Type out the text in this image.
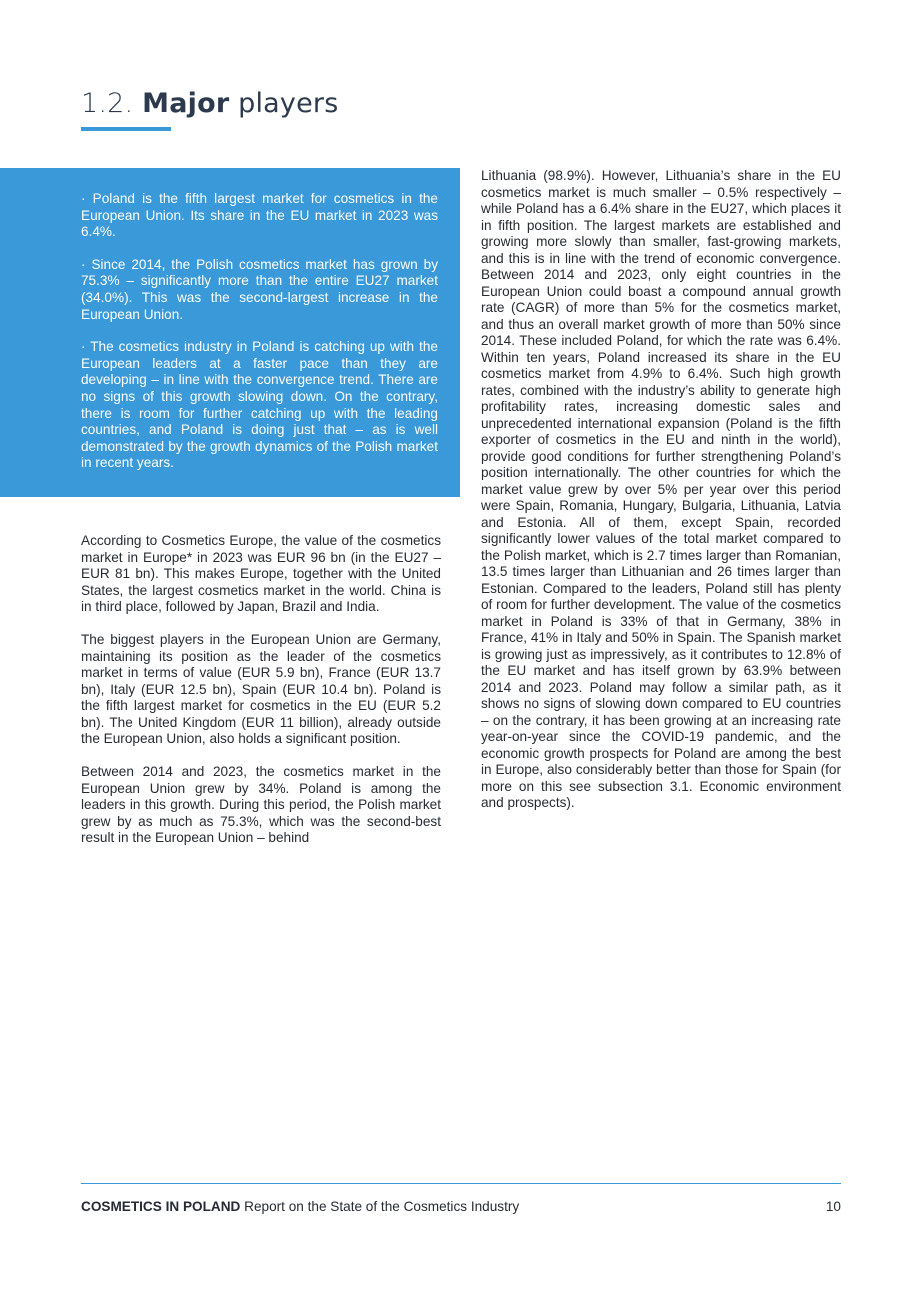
1.2. Major players

· Poland is the fifth largest market for cosmetics in the European Union. Its share in the EU market in 2023 was 6.4%.

· Since 2014, the Polish cosmetics market has grown by 75.3% – significantly more than the entire EU27 market (34.0%). This was the second-largest increase in the European Union.

· The cosmetics industry in Poland is catching up with the European leaders at a faster pace than they are developing – in line with the convergence trend. There are no signs of this growth slowing down. On the contrary, there is room for further catching up with the leading countries, and Poland is doing just that – as is well demonstrated by the growth dynamics of the Polish market in recent years.

According to Cosmetics Europe, the value of the cosmetics market in Europe* in 2023 was EUR 96 bn (in the EU27 – EUR 81 bn). This makes Europe, together with the United States, the largest cosmetics market in the world. China is in third place, followed by Japan, Brazil and India.

The biggest players in the European Union are Germany, maintaining its position as the leader of the cosmetics market in terms of value (EUR 5.9 bn), France (EUR 13.7 bn), Italy (EUR 12.5 bn), Spain (EUR 10.4 bn). Poland is the fifth largest market for cosmetics in the EU (EUR 5.2 bn). The United Kingdom (EUR 11 billion), already outside the European Union, also holds a significant position.

Between 2014 and 2023, the cosmetics market in the European Union grew by 34%. Poland is among the leaders in this growth. During this period, the Polish market grew by as much as 75.3%, which was the second-best result in the European Union – behind

Lithuania (98.9%). However, Lithuania’s share in the EU cosmetics market is much smaller – 0.5% respectively – while Poland has a 6.4% share in the EU27, which places it in fifth position. The largest markets are established and growing more slowly than smaller, fast-growing markets, and this is in line with the trend of economic convergence. Between 2014 and 2023, only eight countries in the European Union could boast a compound annual growth rate (CAGR) of more than 5% for the cosmetics market, and thus an overall market growth of more than 50% since 2014. These included Poland, for which the rate was 6.4%. Within ten years, Poland increased its share in the EU cosmetics market from 4.9% to 6.4%. Such high growth rates, combined with the industry’s ability to generate high profitability rates, increasing domestic sales and unprecedented international expansion (Poland is the fifth exporter of cosmetics in the EU and ninth in the world), provide good conditions for further strengthening Poland’s position internationally. The other countries for which the market value grew by over 5% per year over this period were Spain, Romania, Hungary, Bulgaria, Lithuania, Latvia and Estonia. All of them, except Spain, recorded significantly lower values of the total market compared to the Polish market, which is 2.7 times larger than Romanian, 13.5 times larger than Lithuanian and 26 times larger than Estonian. Compared to the leaders, Poland still has plenty of room for further development. The value of the cosmetics market in Poland is 33% of that in Germany, 38% in France, 41% in Italy and 50% in Spain. The Spanish market is growing just as impressively, as it contributes to 12.8% of the EU market and has itself grown by 63.9% between 2014 and 2023. Poland may follow a similar path, as it shows no signs of slowing down compared to EU countries – on the contrary, it has been growing at an increasing rate year-on-year since the COVID-19 pandemic, and the economic growth prospects for Poland are among the best in Europe, also considerably better than those for Spain (for more on this see subsection 3.1. Economic environment and prospects).

COSMETICS IN POLAND Report on the State of the Cosmetics Industry	10
